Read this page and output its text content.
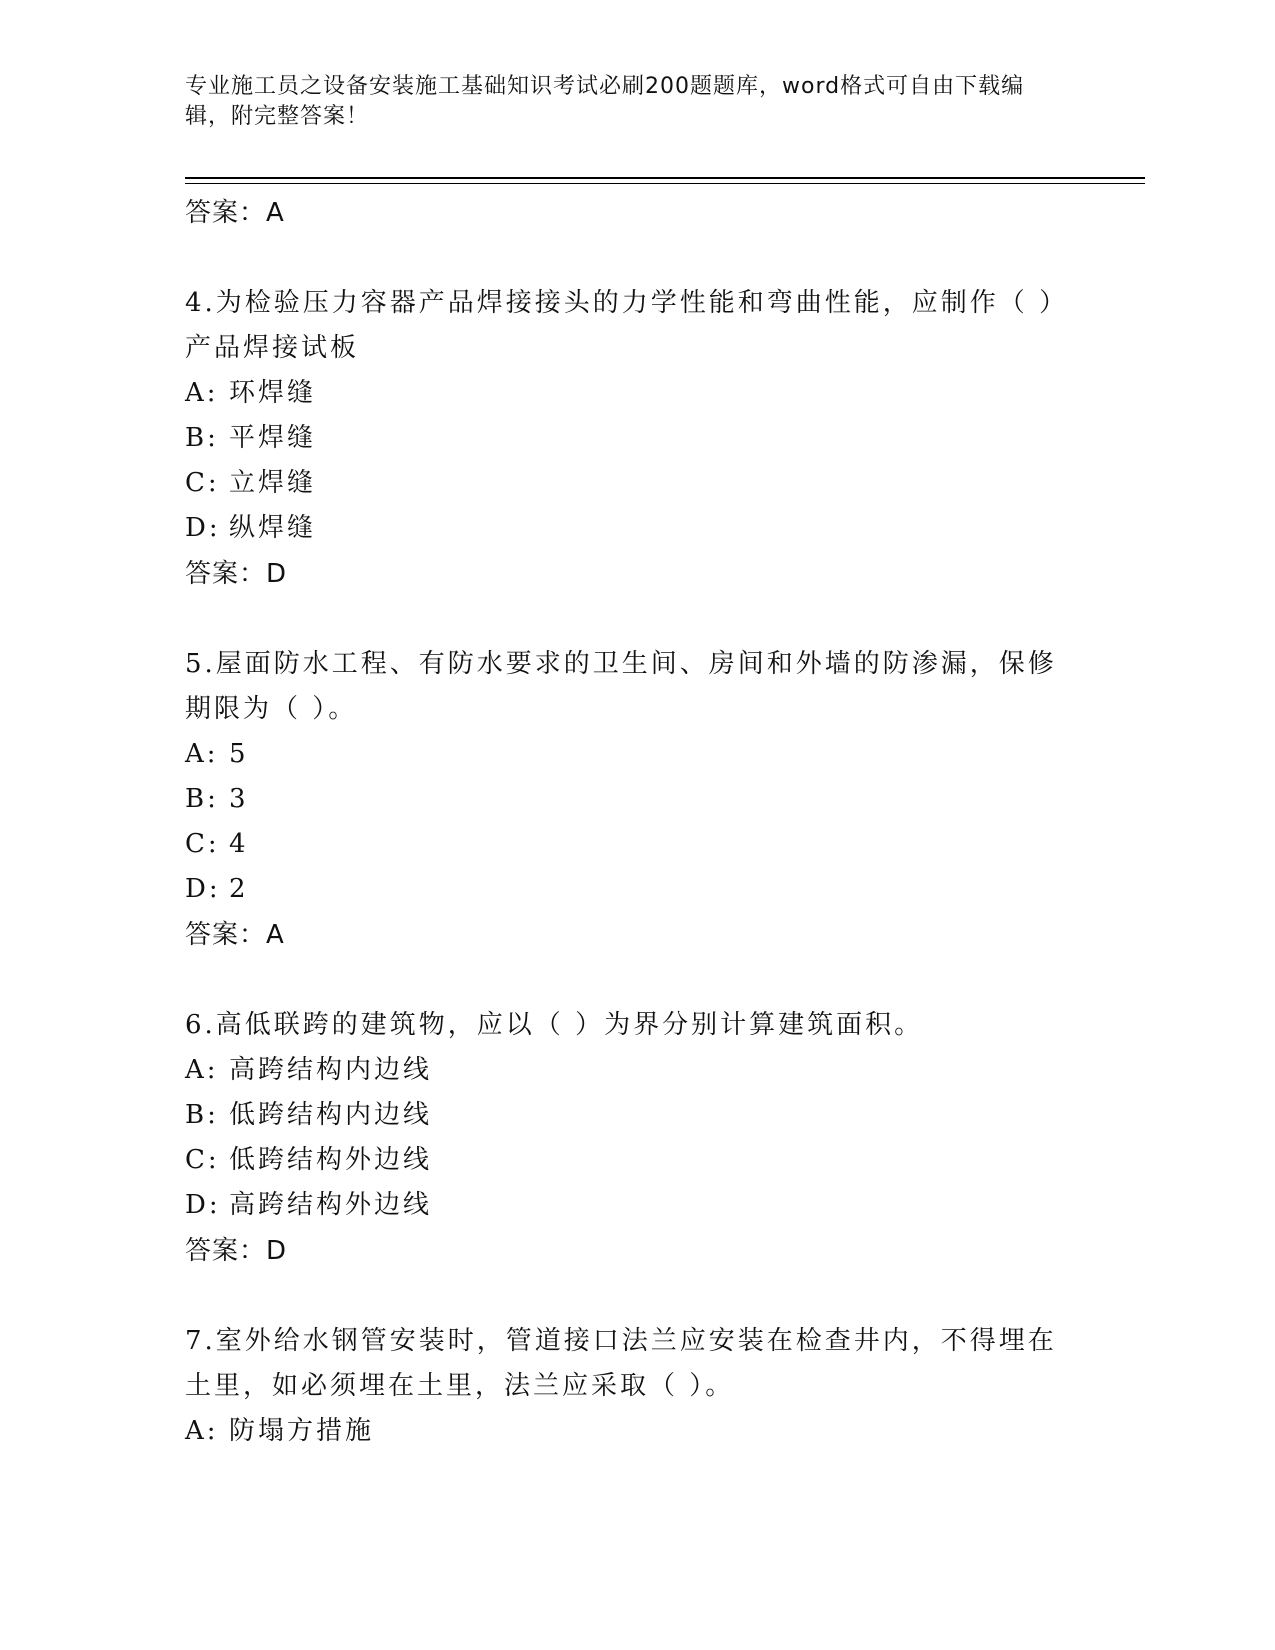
专业施工员之设备安装施工基础知识考试必刷200题题库，word格式可自由下载编辑，附完整答案！

答案：A

4.为检验压力容器产品焊接接头的力学性能和弯曲性能，应制作（ ）产品焊接试板

A: 环焊缝

B: 平焊缝

C: 立焊缝

D: 纵焊缝

答案：D

5.屋面防水工程、有防水要求的卫生间、房间和外墙的防渗漏，保修期限为（ ）。

A: 5

B: 3

C: 4

D: 2

答案：A

6.高低联跨的建筑物，应以（ ）为界分别计算建筑面积。

A: 高跨结构内边线

B: 低跨结构内边线

C: 低跨结构外边线

D: 高跨结构外边线

答案：D

7.室外给水钢管安装时，管道接口法兰应安装在检查井内，不得埋在土里，如必须埋在土里，法兰应采取（ ）。

A: 防塌方措施
